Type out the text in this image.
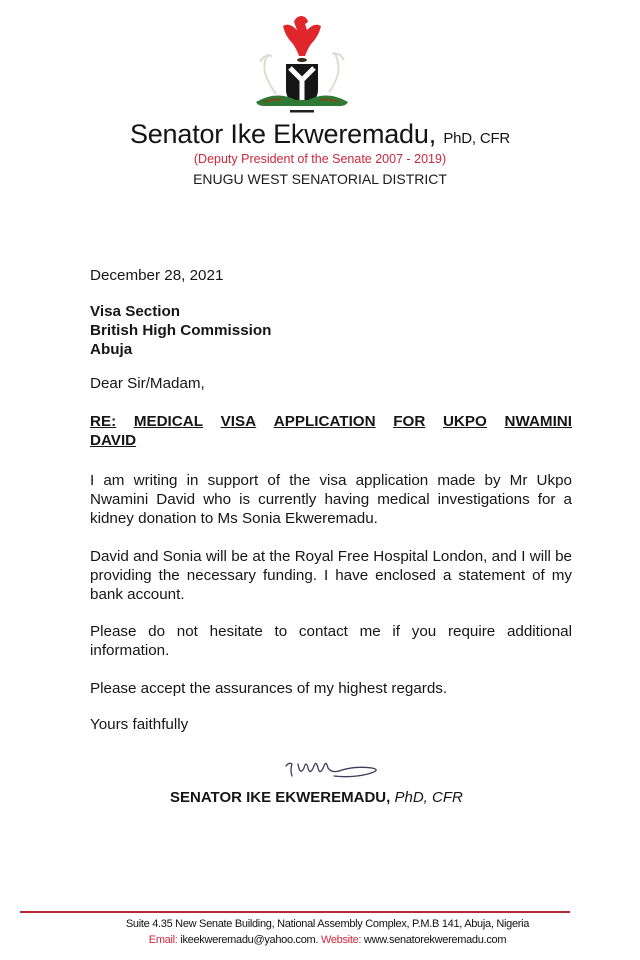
Senator Ike Ekweremadu, PhD, CFR
(Deputy President of the Senate 2007 - 2019)
ENUGU WEST SENATORIAL DISTRICT
December 28, 2021
Visa Section
British High Commission
Abuja
Dear Sir/Madam,
RE: MEDICAL VISA APPLICATION FOR UKPO NWAMINI
DAVID
I am writing in support of the visa application made by Mr Ukpo Nwamini David who is currently having medical investigations for a kidney donation to Ms Sonia Ekweremadu.
David and Sonia will be at the Royal Free Hospital London, and I will be providing the necessary funding. I have enclosed a statement of my bank account.
Please do not hesitate to contact me if you require additional information.
Please accept the assurances of my highest regards.
Yours faithfully
SENATOR IKE EKWEREMADU, PhD, CFR
Suite 4.35 New Senate Building, National Assembly Complex, P.M.B 141, Abuja, Nigeria
Email: ikeekweremadu@yahoo.com. Website: www.senatorekweremadu.com
